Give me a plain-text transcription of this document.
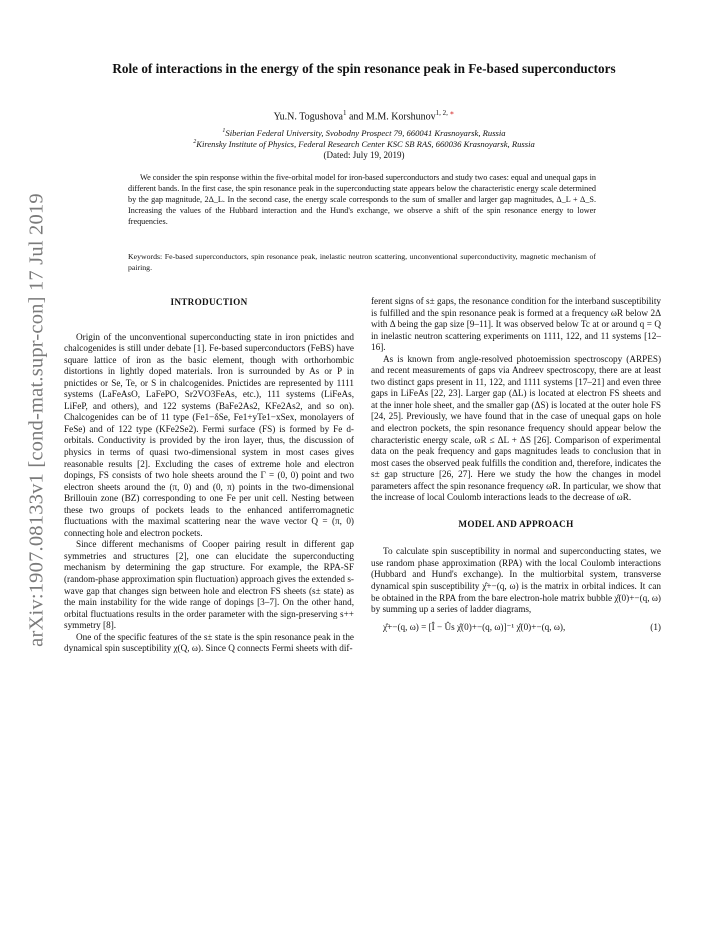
arXiv:1907.08133v1 [cond-mat.supr-con] 17 Jul 2019
Role of interactions in the energy of the spin resonance peak in Fe-based superconductors
Yu.N. Togushova$^1$ and M.M. Korshunov$^{1, 2, ∗}$
$^1$Siberian Federal University, Svobodny Prospect 79, 660041 Krasnoyarsk, Russia
$^2$Kirensky Institute of Physics, Federal Research Center KSC SB RAS, 660036 Krasnoyarsk, Russia
(Dated: July 19, 2019)
We consider the spin response within the five-orbital model for iron-based superconductors and study two cases: equal and unequal gaps in different bands. In the first case, the spin resonance peak in the superconducting state appears below the characteristic energy scale determined by the gap magnitude, 2Δ_L. In the second case, the energy scale corresponds to the sum of smaller and larger gap magnitudes, Δ_L + Δ_S. Increasing the values of the Hubbard interaction and the Hund's exchange, we observe a shift of the spin resonance energy to lower frequencies.
Keywords: Fe-based superconductors, spin resonance peak, inelastic neutron scattering, unconventional superconductivity, magnetic mechanism of pairing.
INTRODUCTION

Origin of the unconventional superconducting state in iron pnictides and chalcogenides is still under debate [1]. Fe-based superconductors (FeBS) have square lattice of iron as the basic element, though with orthorhombic distortions in lightly doped materials. Iron is surrounded by As or P in pnictides or Se, Te, or S in chalcogenides. Pnictides are represented by 1111 systems (LaFeAsO, LaFePO, Sr2VO3FeAs, etc.), 111 systems (LiFeAs, LiFeP, and others), and 122 systems (BaFe2As2, KFe2As2, and so on). Chalcogenides can be of 11 type (Fe1−δSe, Fe1+yTe1−xSex, monolayers of FeSe) and of 122 type (KFe2Se2). Fermi surface (FS) is formed by Fe d-orbitals. Conductivity is provided by the iron layer, thus, the discussion of physics in terms of quasi two-dimensional system in most cases gives reasonable results [2]. Excluding the cases of extreme hole and electron dopings, FS consists of two hole sheets around the Γ = (0, 0) point and two electron sheets around the (π, 0) and (0, π) points in the two-dimensional Brillouin zone (BZ) corresponding to one Fe per unit cell. Nesting between these two groups of pockets leads to the enhanced antiferromagnetic fluctuations with the maximal scattering near the wave vector Q = (π, 0) connecting hole and electron pockets.

Since different mechanisms of Cooper pairing result in different gap symmetries and structures [2], one can elucidate the superconducting mechanism by determining the gap structure. For example, the RPA-SF (random-phase approximation spin fluctuation) approach gives the extended s-wave gap that changes sign between hole and electron FS sheets (s± state) as the main instability for the wide range of dopings [3–7]. On the other hand, orbital fluctuations results in the order parameter with the sign-preserving s++ symmetry [8].

One of the specific features of the s± state is the spin resonance peak in the dynamical spin susceptibility χ(Q, ω). Since Q connects Fermi sheets with dif-

ferent signs of s± gaps, the resonance condition for the interband susceptibility is fulfilled and the spin resonance peak is formed at a frequency ωR below 2Δ with Δ being the gap size [9–11]. It was observed below Tc at or around q = Q in inelastic neutron scattering experiments on 1111, 122, and 11 systems [12–16].

As is known from angle-resolved photoemission spectroscopy (ARPES) and recent measurements of gaps via Andreev spectroscopy, there are at least two distinct gaps present in 11, 122, and 1111 systems [17–21] and even three gaps in LiFeAs [22, 23]. Larger gap (ΔL) is located at electron FS sheets and at the inner hole sheet, and the smaller gap (ΔS) is located at the outer hole FS [24, 25]. Previously, we have found that in the case of unequal gaps on hole and electron pockets, the spin resonance frequency should appear below the characteristic energy scale, ωR ≤ ΔL + ΔS [26]. Comparison of experimental data on the peak frequency and gaps magnitudes leads to conclusion that in most cases the observed peak fulfills the condition and, therefore, indicates the s± gap structure [26, 27]. Here we study the how the changes in model parameters affect the spin resonance frequency ωR. In particular, we show that the increase of local Coulomb interactions leads to the decrease of ωR.

MODEL AND APPROACH

To calculate spin susceptibility in normal and superconducting states, we use random phase approximation (RPA) with the local Coulomb interactions (Hubbard and Hund's exchange). In the multiorbital system, transverse dynamical spin susceptibility χ̂+−(q, ω) is the matrix in orbital indices. It can be obtained in the RPA from the bare electron-hole matrix bubble χ̂(0)+−(q, ω) by summing up a series of ladder diagrams,

χ̂+−(q, ω) = [Î − Ûs χ̂(0)+−(q, ω)]⁻¹ χ̂(0)+−(q, ω),	(1)
